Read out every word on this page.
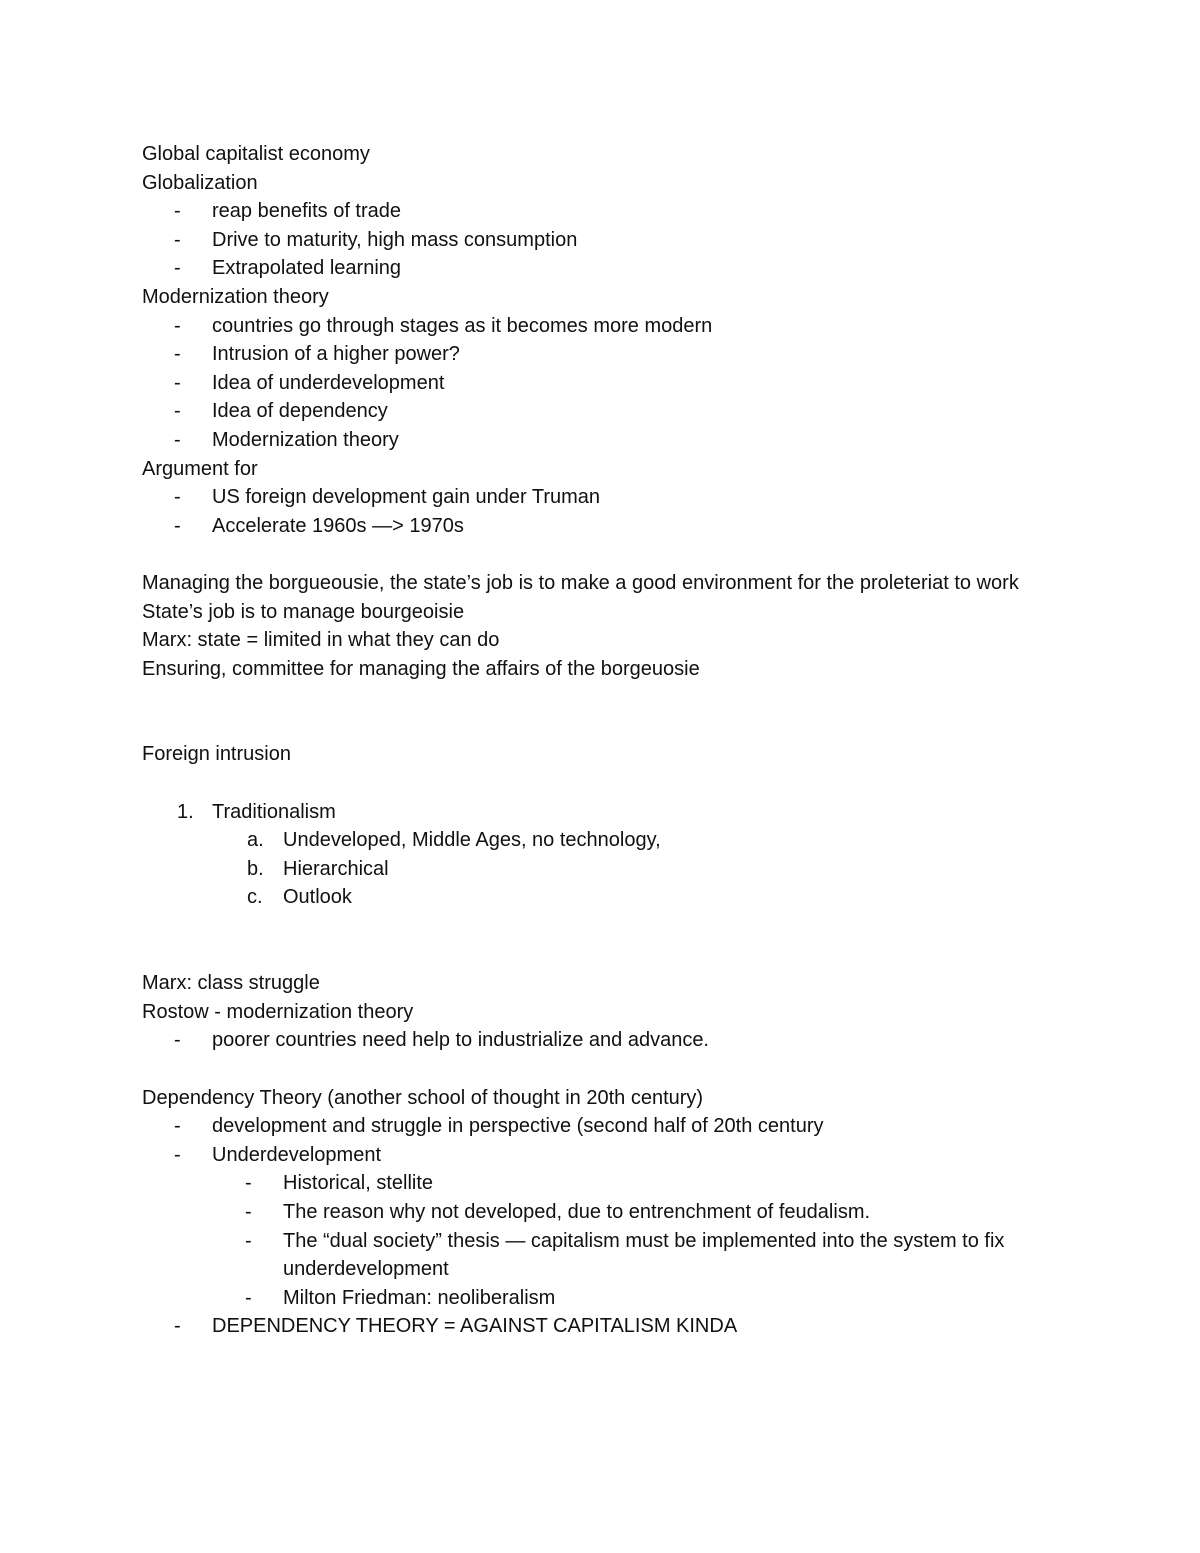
Global capitalist economy

Globalization

- reap benefits of trade
- Drive to maturity, high mass consumption
- Extrapolated learning

Modernization theory

- countries go through stages as it becomes more modern
- Intrusion of a higher power?
- Idea of underdevelopment
- Idea of dependency
- Modernization theory

Argument for

- US foreign development gain under Truman
- Accelerate 1960s —> 1970s

Managing the borgueousie, the state’s job is to make a good environment for the proleteriat to work

State’s job is to manage bourgeoisie

Marx: state = limited in what they can do

Ensuring, committee for managing the affairs of the borgeuosie

Foreign intrusion

1. Traditionalism
a. Undeveloped, Middle Ages, no technology,
b. Hierarchical
c. Outlook

Marx: class struggle

Rostow - modernization theory

- poorer countries need help to industrialize and advance.

Dependency Theory (another school of thought in 20th century)

- development and struggle in perspective (second half of 20th century
- Underdevelopment
- Historical, stellite
- The reason why not developed, due to entrenchment of feudalism.
- The “dual society” thesis — capitalism must be implemented into the system to fix underdevelopment
- Milton Friedman: neoliberalism
- DEPENDENCY THEORY = AGAINST CAPITALISM KINDA
